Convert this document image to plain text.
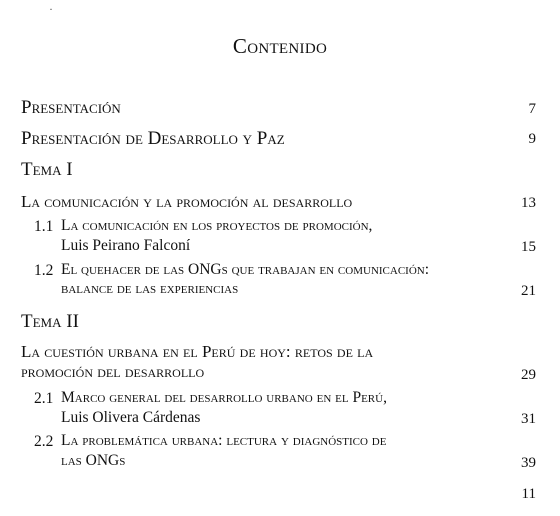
·
Contenido
Presentación	7
Presentación de Desarrollo y Paz	9
Tema I
La comunicación y la promoción al desarrollo	13
1.1 La comunicación en los proyectos de promoción,
Luis Peirano Falconí	15
1.2 El quehacer de las ONGs que trabajan en comunicación:
balance de las experiencias	21
Tema II
La cuestión urbana en el Perú de hoy: retos de la
promoción del desarrollo	29
2.1 Marco general del desarrollo urbano en el Perú,
Luis Olivera Cárdenas	31
2.2 La problemática urbana: lectura y diagnóstico de
las ONGs	39
11
